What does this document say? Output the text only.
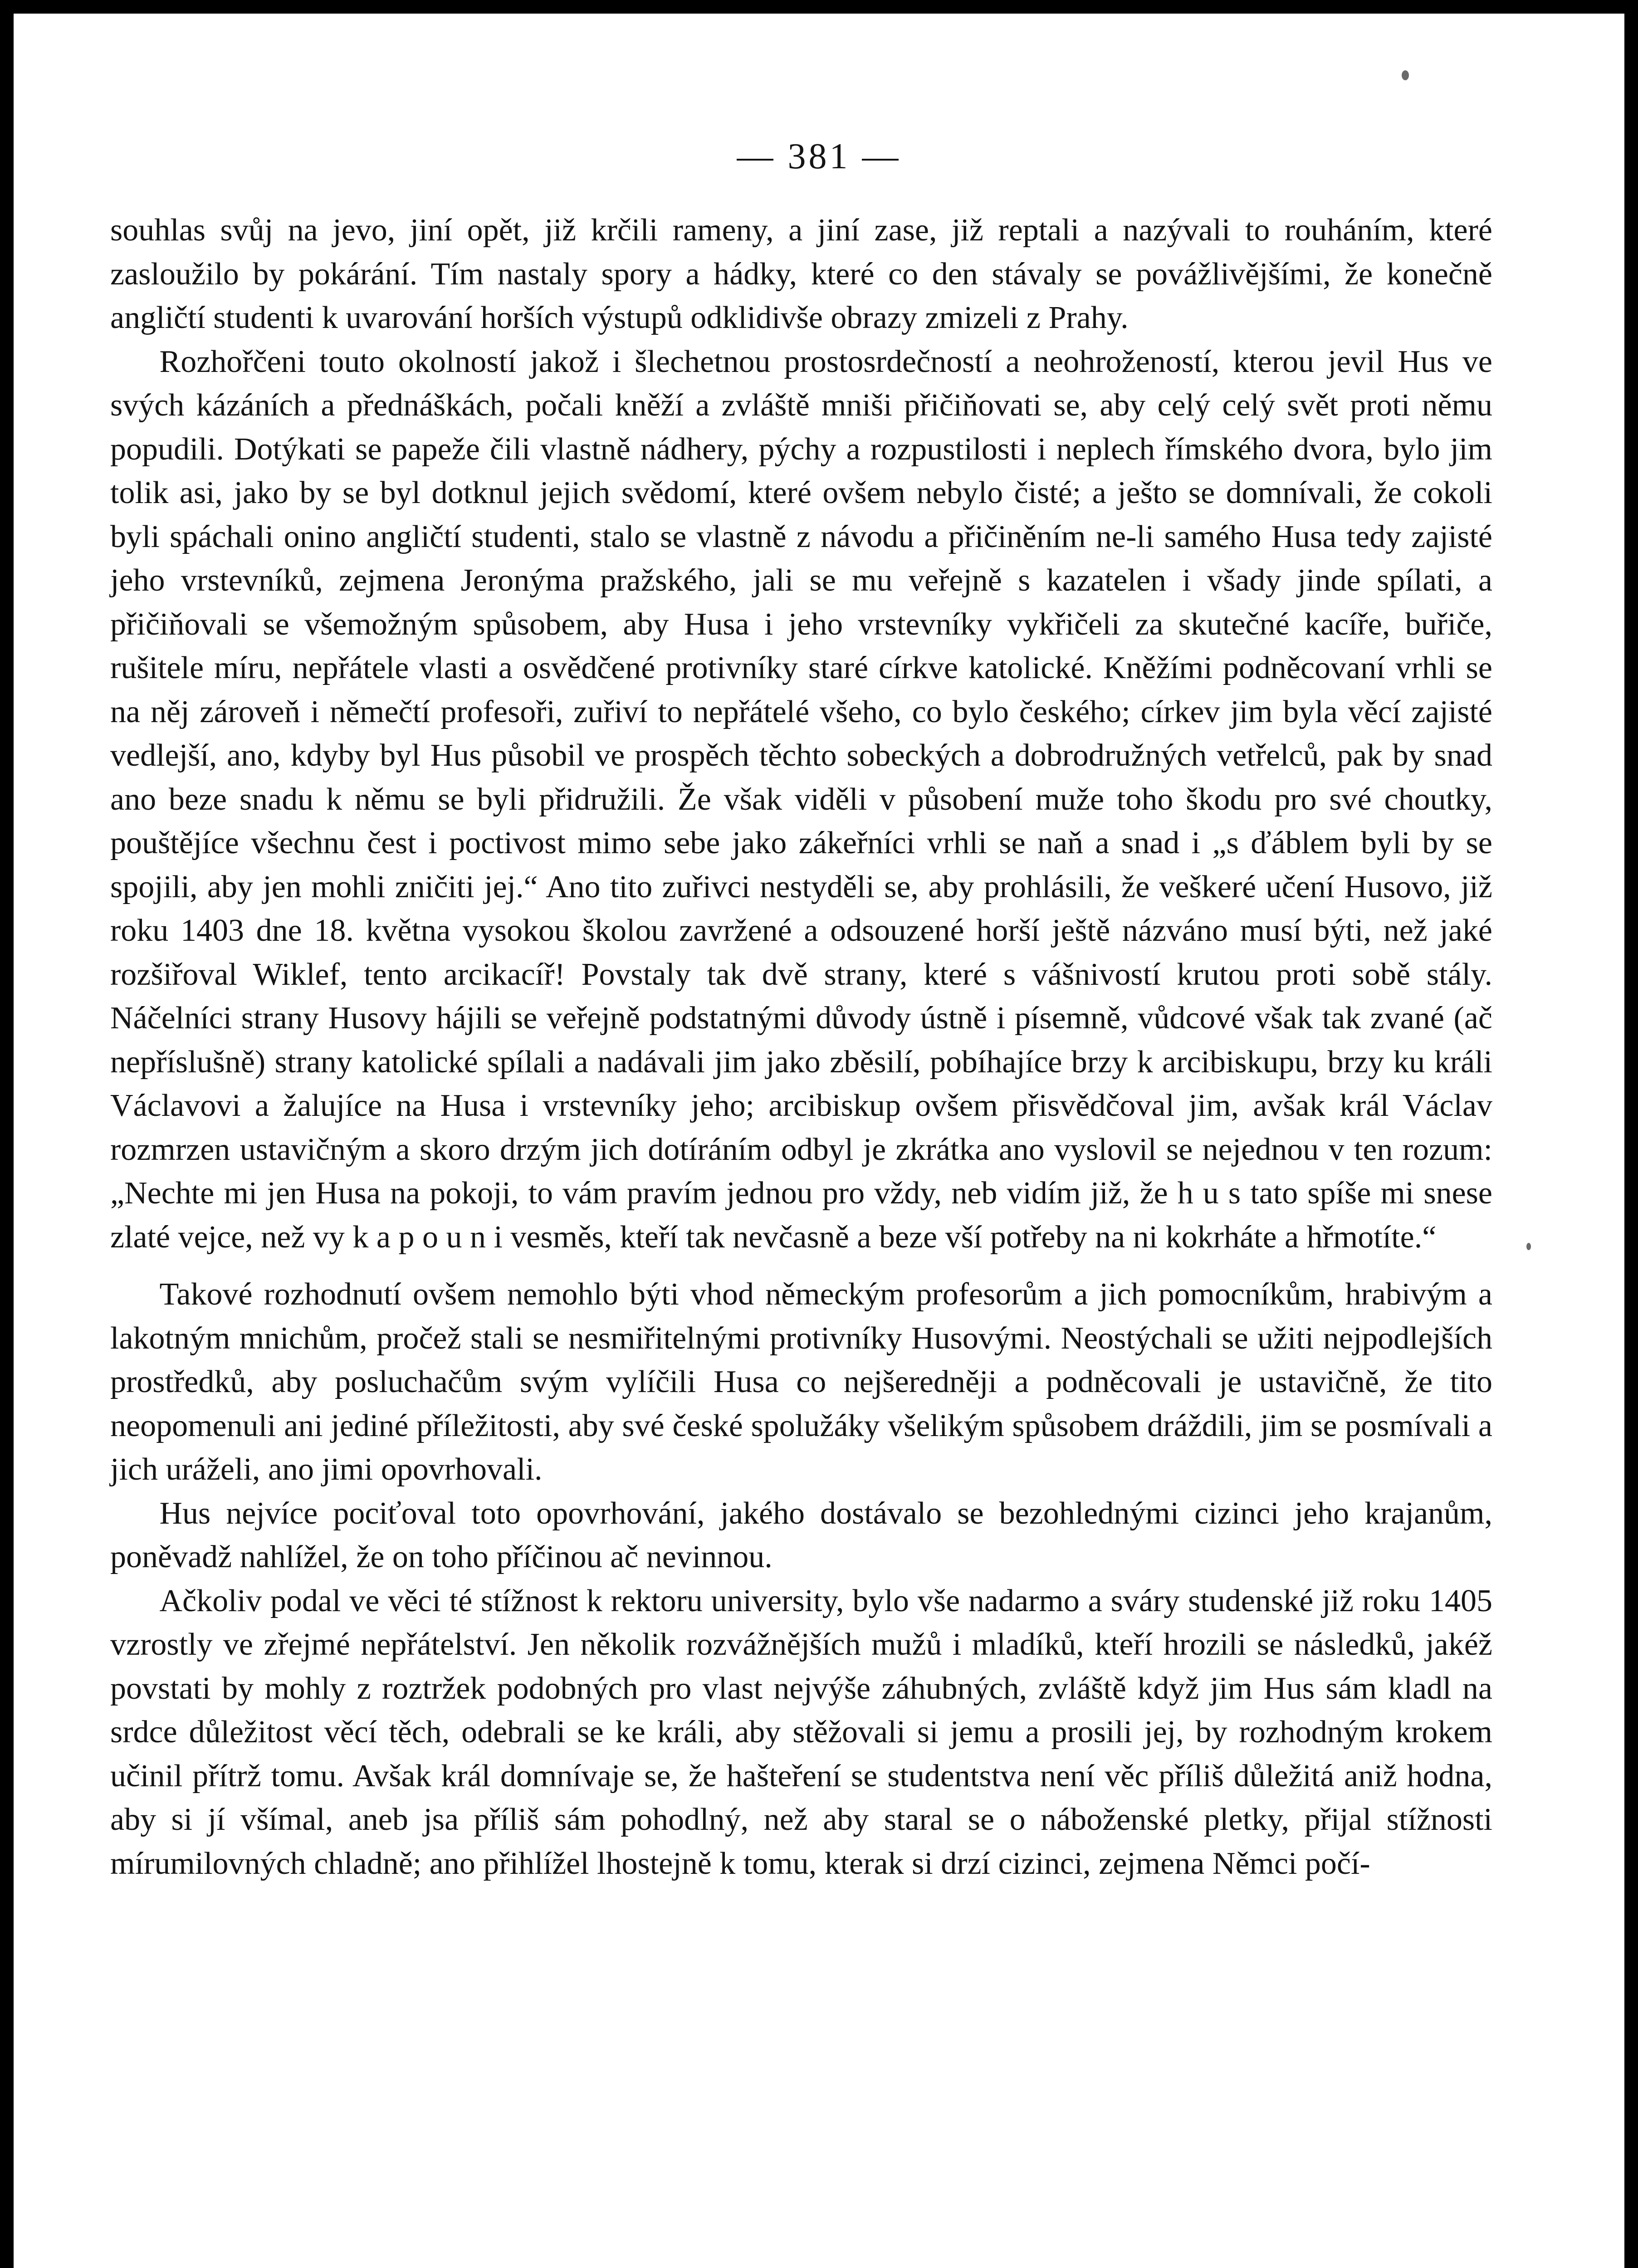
— 381 —

souhlas svůj na jevo, jiní opět, již krčili rameny, a jiní zase, již reptali a nazývali to rouháním, které zasloužilo by pokárání. Tím nastaly spory a hádky, které co den stávaly se povážlivějšími, že konečně angličtí studenti k uvarování horších výstupů odklidivše obrazy zmizeli z Prahy.

Rozhořčeni touto okolností jakož i šlechetnou prostosrdečností a neohrožeností, kterou jevil Hus ve svých kázáních a přednáškách, počali kněží a zvláště mniši přičiňovati se, aby celý celý svět proti němu popudili. Dotýkati se papeže čili vlastně nádhery, pýchy a rozpustilosti i neplech římského dvora, bylo jim tolik asi, jako by se byl dotknul jejich svědomí, které ovšem nebylo čisté; a ješto se domnívali, že cokoli byli spáchali onino angličtí studenti, stalo se vlastně z návodu a přičiněním ne-li samého Husa tedy zajisté jeho vrstevníků, zejmena Jeronýma pražského, jali se mu veřejně s kazatelen i všady jinde spílati, a přičiňovali se všemožným spůsobem, aby Husa i jeho vrstevníky vykřičeli za skutečné kacíře, buřiče, rušitele míru, nepřátele vlasti a osvědčené protivníky staré církve katolické. Kněžími podněcovaní vrhli se na něj zároveň i němečtí profesoři, zuřiví to nepřátelé všeho, co bylo českého; církev jim byla věcí zajisté vedlejší, ano, kdyby byl Hus působil ve prospěch těchto sobeckých a dobrodružných vetřelců, pak by snad ano beze snadu k němu se byli přidružili. Že však viděli v působení muže toho škodu pro své choutky, pouštějíce všechnu čest i poctivost mimo sebe jako zákeřníci vrhli se naň a snad i „s ďáblem byli by se spojili, aby jen mohli zničiti jej.“ Ano tito zuřivci nestyděli se, aby prohlásili, že veškeré učení Husovo, již roku 1403 dne 18. května vysokou školou zavržené a odsouzené horší ještě názváno musí býti, než jaké rozšiřoval Wiklef, tento arcikacíř! Povstaly tak dvě strany, které s vášnivostí krutou proti sobě stály. Náčelníci strany Husovy hájili se veřejně podstatnými důvody ústně i písemně, vůdcové však tak zvané (ač nepříslušně) strany katolické spílali a nadávali jim jako zběsilí, pobíhajíce brzy k arcibiskupu, brzy ku králi Václavovi a žalujíce na Husa i vrstevníky jeho; arcibiskup ovšem přisvědčoval jim, avšak král Václav rozmrzen ustavičným a skoro drzým jich dotíráním odbyl je zkrátka ano vyslovil se nejednou v ten rozum: „Nechte mi jen Husa na pokoji, to vám pravím jednou pro vždy, neb vidím již, že h u s tato spíše mi snese zlaté vejce, než vy k a p o u n i vesměs, kteří tak nevčasně a beze vší potřeby na ni kokrháte a hřmotíte.“

Takové rozhodnutí ovšem nemohlo býti vhod německým profesorům a jich pomocníkům, hrabivým a lakotným mnichům, pročež stali se nesmiřitelnými protivníky Husovými. Neostýchali se užiti nejpodlejších prostředků, aby posluchačům svým vylíčili Husa co nejšeredněji a podněcovali je ustavičně, že tito neopomenuli ani jediné příležitosti, aby své české spolužáky všelikým spůsobem dráždili, jim se posmívali a jich uráželi, ano jimi opovrhovali.

Hus nejvíce pociťoval toto opovrhování, jakého dostávalo se bezohlednými cizinci jeho krajanům, poněvadž nahlížel, že on toho příčinou ač nevinnou.

Ačkoliv podal ve věci té stížnost k rektoru university, bylo vše nadarmo a sváry studenské již roku 1405 vzrostly ve zřejmé nepřátelství. Jen několik rozvážnějších mužů i mladíků, kteří hrozili se následků, jakéž povstati by mohly z roztržek podobných pro vlast nejvýše záhubných, zvláště když jim Hus sám kladl na srdce důležitost věcí těch, odebrali se ke králi, aby stěžovali si jemu a prosili jej, by rozhodným krokem učinil přítrž tomu. Avšak král domnívaje se, že hašteření se studentstva není věc příliš důležitá aniž hodna, aby si jí všímal, aneb jsa příliš sám pohodlný, než aby staral se o náboženské pletky, přijal stížnosti mírumilovných chladně; ano přihlížel lhostejně k tomu, kterak si drzí cizinci, zejmena Němci počí-
